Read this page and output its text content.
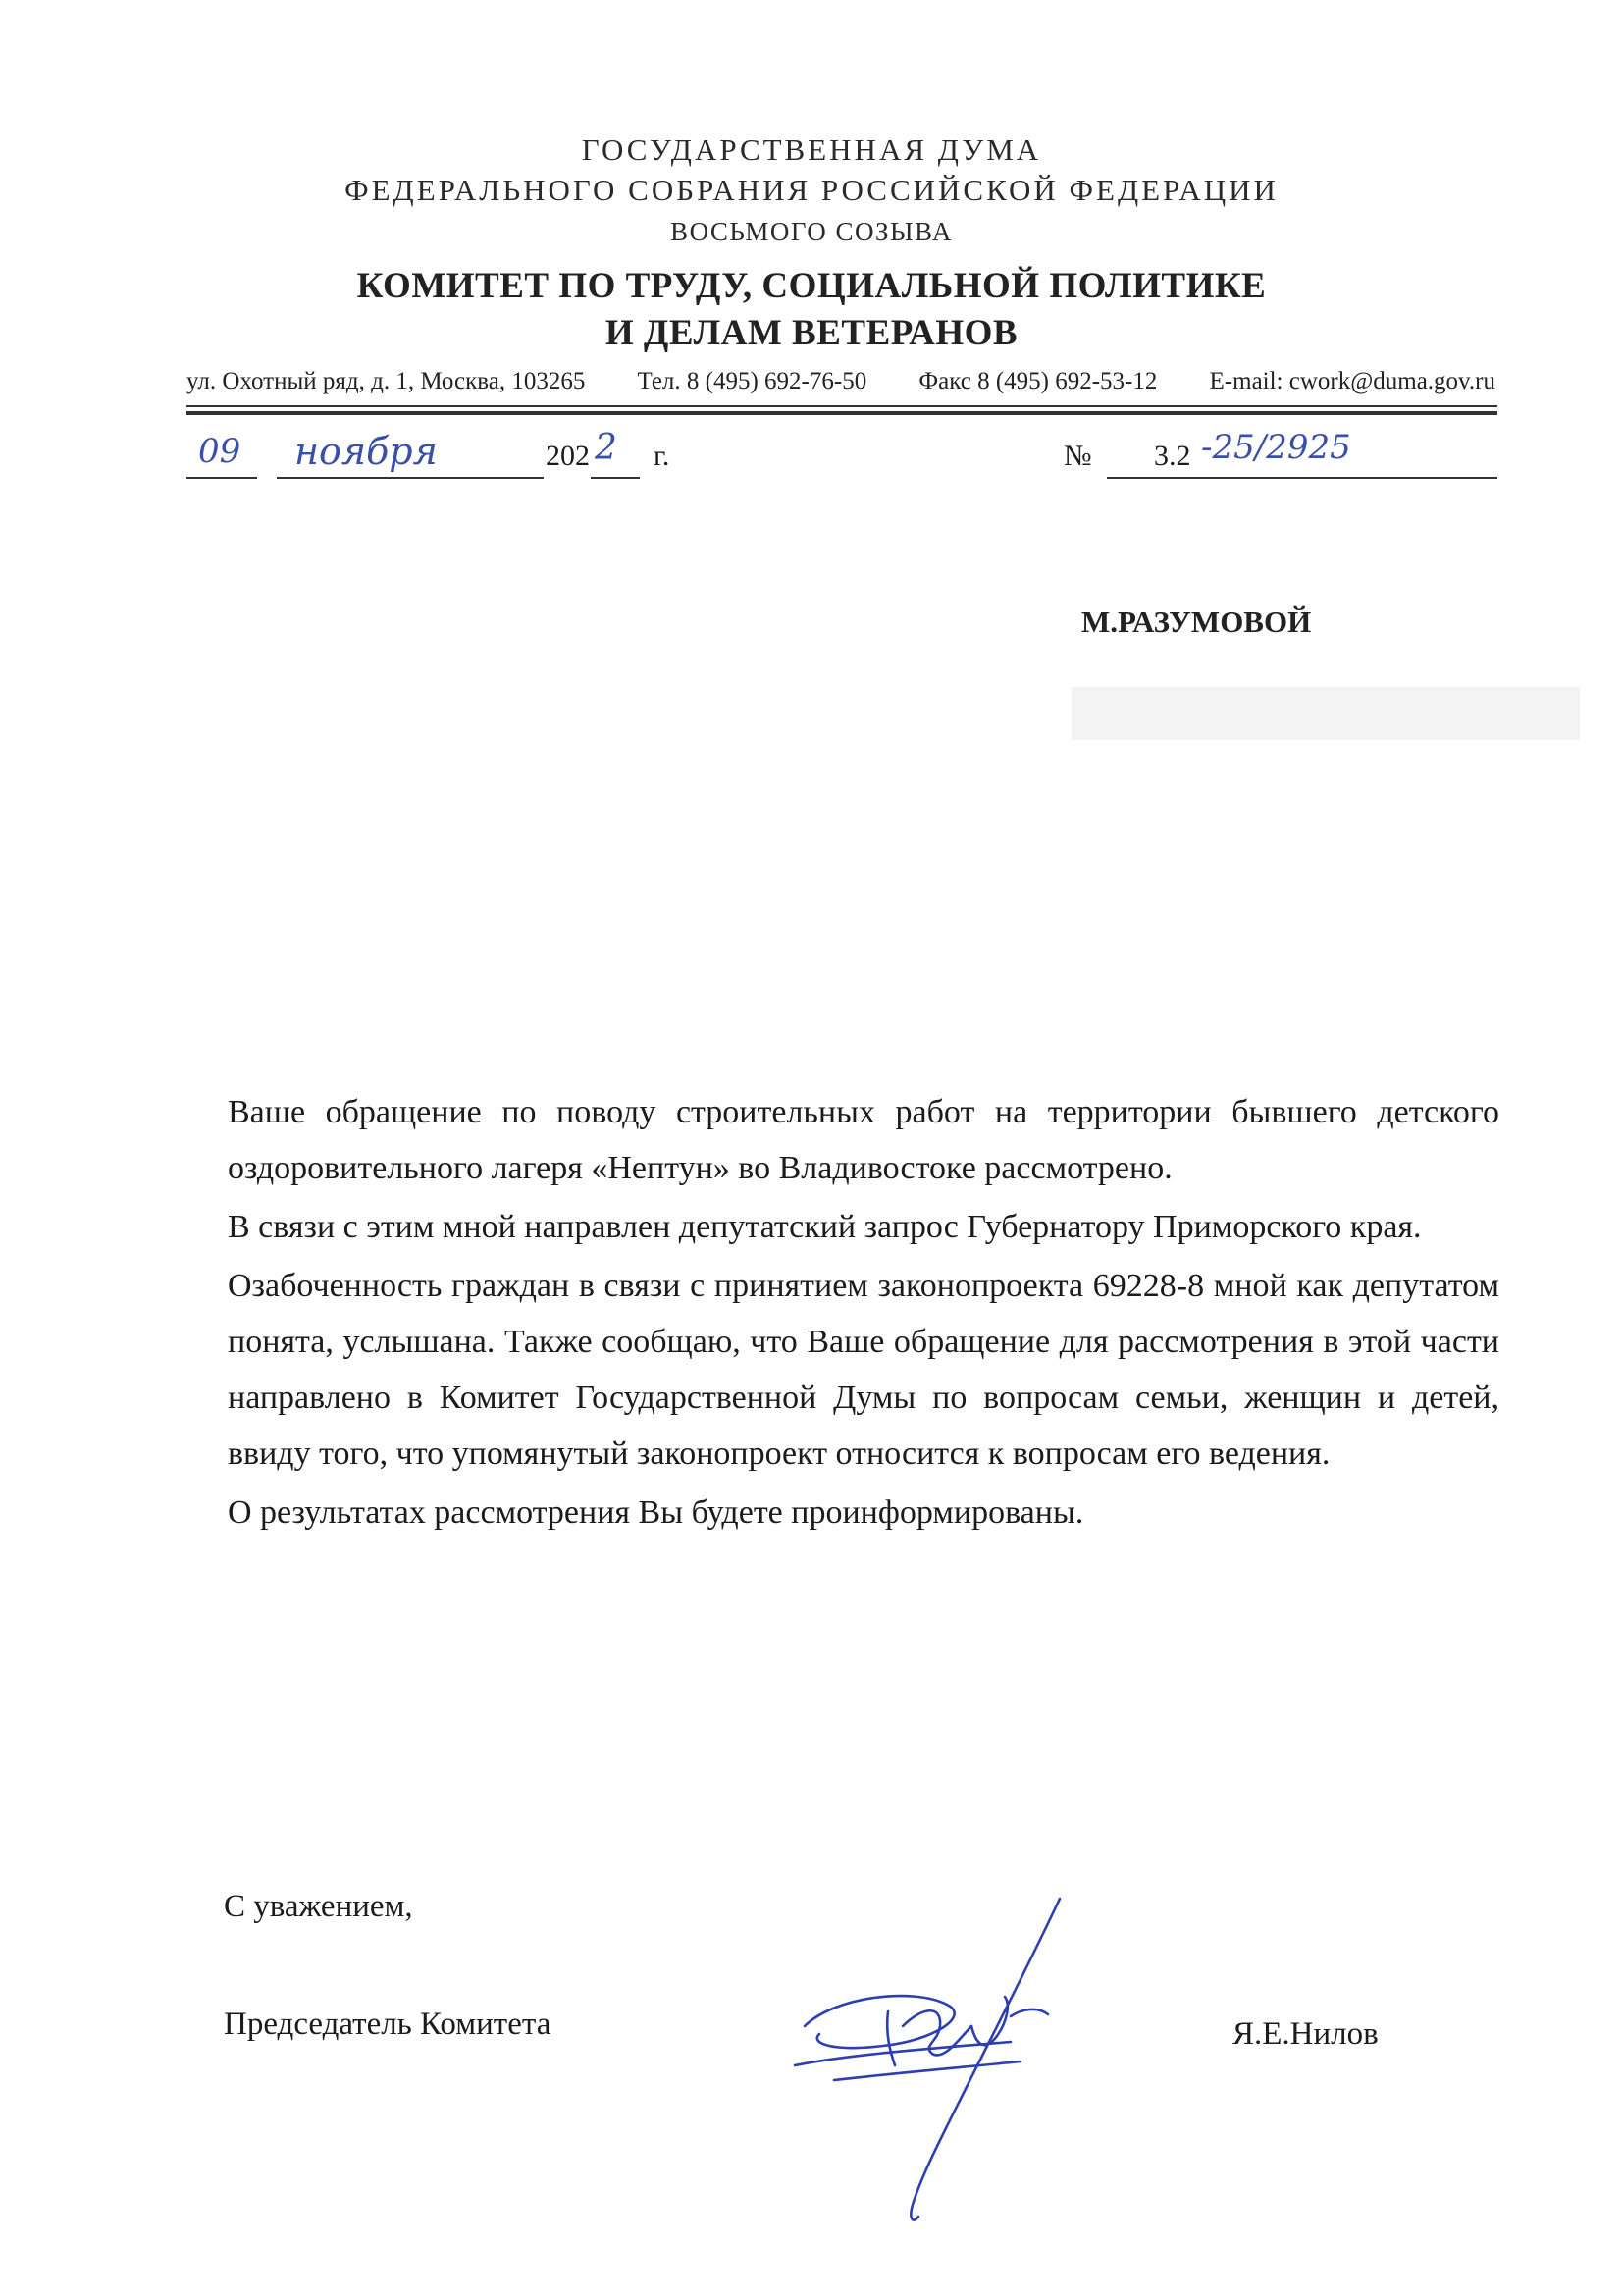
ГОСУДАРСТВЕННАЯ ДУМА
ФЕДЕРАЛЬНОГО СОБРАНИЯ РОССИЙСКОЙ ФЕДЕРАЦИИ
ВОСЬМОГО СОЗЫВА
КОМИТЕТ ПО ТРУДУ, СОЦИАЛЬНОЙ ПОЛИТИКЕ
И ДЕЛАМ ВЕТЕРАНОВ
ул. Охотный ряд, д. 1, Москва, 103265 Тел. 8 (495) 692-76-50 Факс 8 (495) 692-53-12 E-mail: cwork@duma.gov.ru
09 ноября	202 2 г.	№ 3.2 -25/2925
М.РАЗУМОВОЙ

Ваше обращение по поводу строительных работ на территории бывшего детского оздоровительного лагеря «Нептун» во Владивостоке рассмотрено.

В связи с этим мной направлен депутатский запрос Губернатору Приморского края.

Озабоченность граждан в связи с принятием законопроекта 69228-8 мной как депутатом понята, услышана. Также сообщаю, что Ваше обращение для рассмотрения в этой части направлено в Комитет Государственной Думы по вопросам семьи, женщин и детей, ввиду того, что упомянутый законопроект относится к вопросам его ведения.

О результатах рассмотрения Вы будете проинформированы.

С уважением,
Председатель Комитета	Я.Е.Нилов
